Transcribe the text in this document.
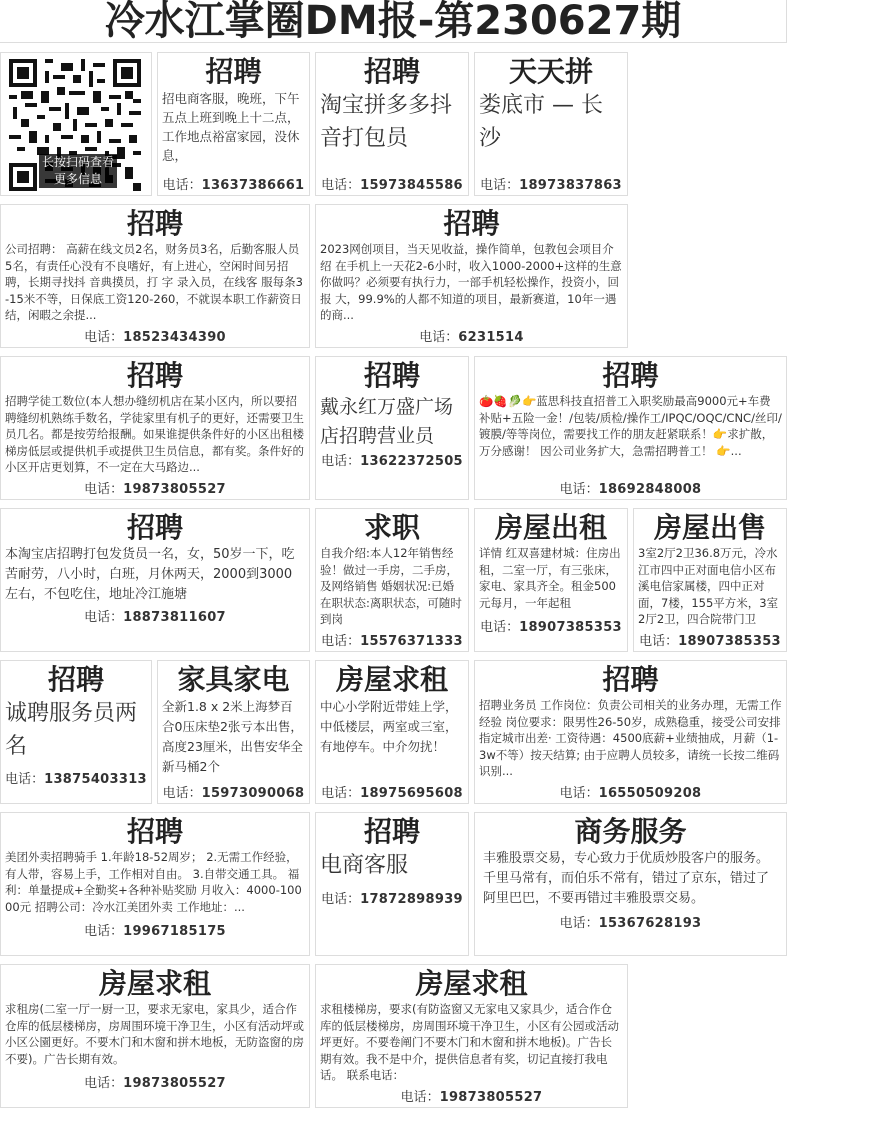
冷水江掌圈DM报-第230627期
长按扫码查看更多信息
招聘
招电商客服，晚班，下午五点上班到晚上十二点，工作地点裕富家园，没休息，
电话：13637386661
招聘
淘宝拼多多抖音打包员
电话：15973845586
天天拼
娄底市 — 长沙
电话：18973837863
招聘
公司招聘： 高薪在线文员2名，财务员3名，后勤客服人员5名，有责任心没有不良嗜好，有上进心，空闲时间另招聘，长期寻找抖 音典摸员，打 字 录入员，在线客 服每条3-15米不等，日保底工资120-260，不就误本职工作薪资日结，闲暇之余提...
电话：18523434390
招聘
2023网创项目，当天见收益，操作简单，包教包会项目介绍 在手机上一天花2-6小时，收入1000-2000+这样的生意你做吗？必须要有执行力，一部手机轻松操作，投资小，回报 大，99.9%的人都不知道的项目，最新赛道，10年一遇的商...
电话：6231514
招聘
招聘学徒工数位(本人想办缝纫机店在某小区内，所以要招聘缝纫机熟练手数名，学徒家里有机子的更好，还需要卫生员几名。都是按劳给报酬。如果谁提供条件好的小区出租楼梯房低层或提供机手或提供卫生员信息，都有奖。条件好的小区开店更划算，不一定在大马路边...
电话：19873805527
招聘
戴永红万盛广场店招聘营业员
电话：13622372505
招聘
🍅🍓🥬👉蓝思科技直招普工入职奖励最高9000元+车费补贴+五险一金！/包装/质检/操作工/IPQC/OQC/CNC/丝印/镀膜/等等岗位，需要找工作的朋友赶紧联系！👉求扩散，万分感谢！ 因公司业务扩大，急需招聘普工！ 👉...
电话：18692848008
招聘
本淘宝店招聘打包发货员一名，女，50岁一下，吃苦耐劳，八小时，白班，月休两天，2000到3000左右，不包吃住，地址冷江施塘
电话：18873811607
求职
自我介绍:本人12年销售经验！做过一手房，二手房，及网络销售 婚姻状况:已婚 在职状态:离职状态，可随时到岗
电话：15576371333
房屋出租
详情 红双喜建材城：住房出租，二室一厅，有三张床，家电、家具齐全。租金500元每月，一年起租
电话：18907385353
房屋出售
3室2厅2卫36.8万元，冷水江市四中正对面电信小区布溪电信家属楼，四中正对面，7楼，155平方米，3室2厅2卫，四合院带门卫
电话：18907385353
招聘
诚聘服务员两名
电话：13875403313
家具家电
全新1.8 x 2米上海梦百合0压床垫2张亏本出售，高度23厘米，出售安华全新马桶2个
电话：15973090068
房屋求租
中心小学附近带娃上学，中低楼层，两室或三室，有地停车。中介勿扰！
电话：18975695608
招聘
招聘业务员 工作岗位：负责公司相关的业务办理，无需工作经验 岗位要求：限男性26-50岁，成熟稳重，接受公司安排指定城市出差· 工资待遇：4500底薪+业绩抽成，月薪（1-3w不等）按天结算; 由于应聘人员较多，请统一长按二维码识别...
电话：16550509208
招聘
美团外卖招聘骑手 1.年龄18-52周岁； 2.无需工作经验，有人带，容易上手，工作相对自由。 3.自带交通工具。 福利：单量提成+全勤奖+各种补贴奖励 月收入：4000-10000元 招聘公司：冷水江美团外卖 工作地址：...
电话：19967185175
招聘
电商客服
电话：17872898939
商务服务
丰雅股票交易，专心致力于优质炒股客户的服务。千里马常有，而伯乐不常有，错过了京东，错过了阿里巴巴，不要再错过丰雅股票交易。
电话：15367628193
房屋求租
求租房(二室一厅一厨一卫，要求无家电，家具少，适合作仓库的低层楼梯房，房周围环境干净卫生，小区有活动坪或小区公園更好。不要木门和木窗和拼木地板，无防盗窗的房不要)。广告长期有效。
电话：19873805527
房屋求租
求租楼梯房，要求(有防盗窗又无家电又家具少，适合作仓库的低层楼梯房，房周围环境干净卫生，小区有公园或活动坪更好。不要卷阐门不要木门和木窗和拼木地板)。广告长期有效。我不是中介，提供信息者有奖，切记直接打我电话。 联系电话：
电话：19873805527
